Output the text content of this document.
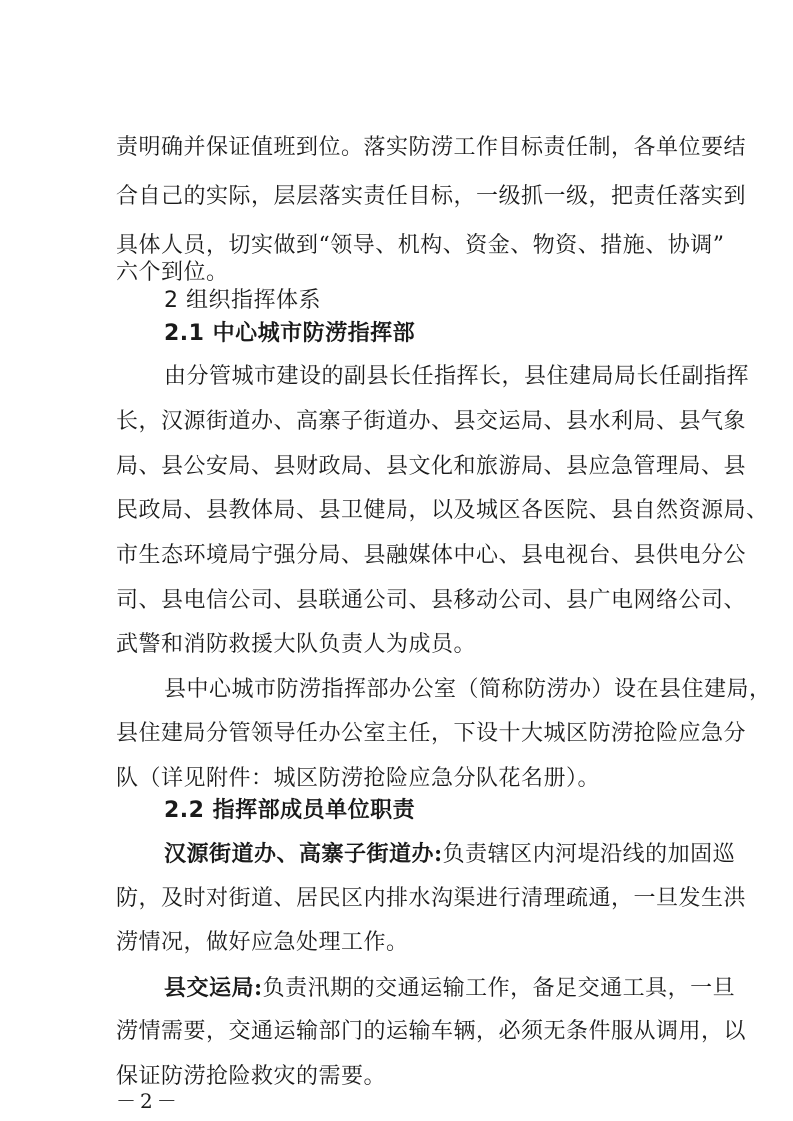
责明确并保证值班到位。落实防涝工作目标责任制，各单位要结
合自己的实际，层层落实责任目标，一级抓一级，把责任落实到
具体人员，切实做到“领导、机构、资金、物资、措施、协调”
六个到位。
2 组织指挥体系
2.1 中心城市防涝指挥部
由分管城市建设的副县长任指挥长，县住建局局长任副指挥
长，汉源街道办、高寨子街道办、县交运局、县水利局、县气象
局、县公安局、县财政局、县文化和旅游局、县应急管理局、县
民政局、县教体局、县卫健局，以及城区各医院、县自然资源局、
市生态环境局宁强分局、县融媒体中心、县电视台、县供电分公
司、县电信公司、县联通公司、县移动公司、县广电网络公司、
武警和消防救援大队负责人为成员。
县中心城市防涝指挥部办公室（简称防涝办）设在县住建局，
县住建局分管领导任办公室主任，下设十大城区防涝抢险应急分
队（详见附件：城区防涝抢险应急分队花名册）。
2.2 指挥部成员单位职责
汉源街道办、高寨子街道办:负责辖区内河堤沿线的加固巡
防，及时对街道、居民区内排水沟渠进行清理疏通，一旦发生洪
涝情况，做好应急处理工作。
县交运局:负责汛期的交通运输工作，备足交通工具，一旦
涝情需要，交通运输部门的运输车辆，必须无条件服从调用，以
保证防涝抢险救灾的需要。
－2－
